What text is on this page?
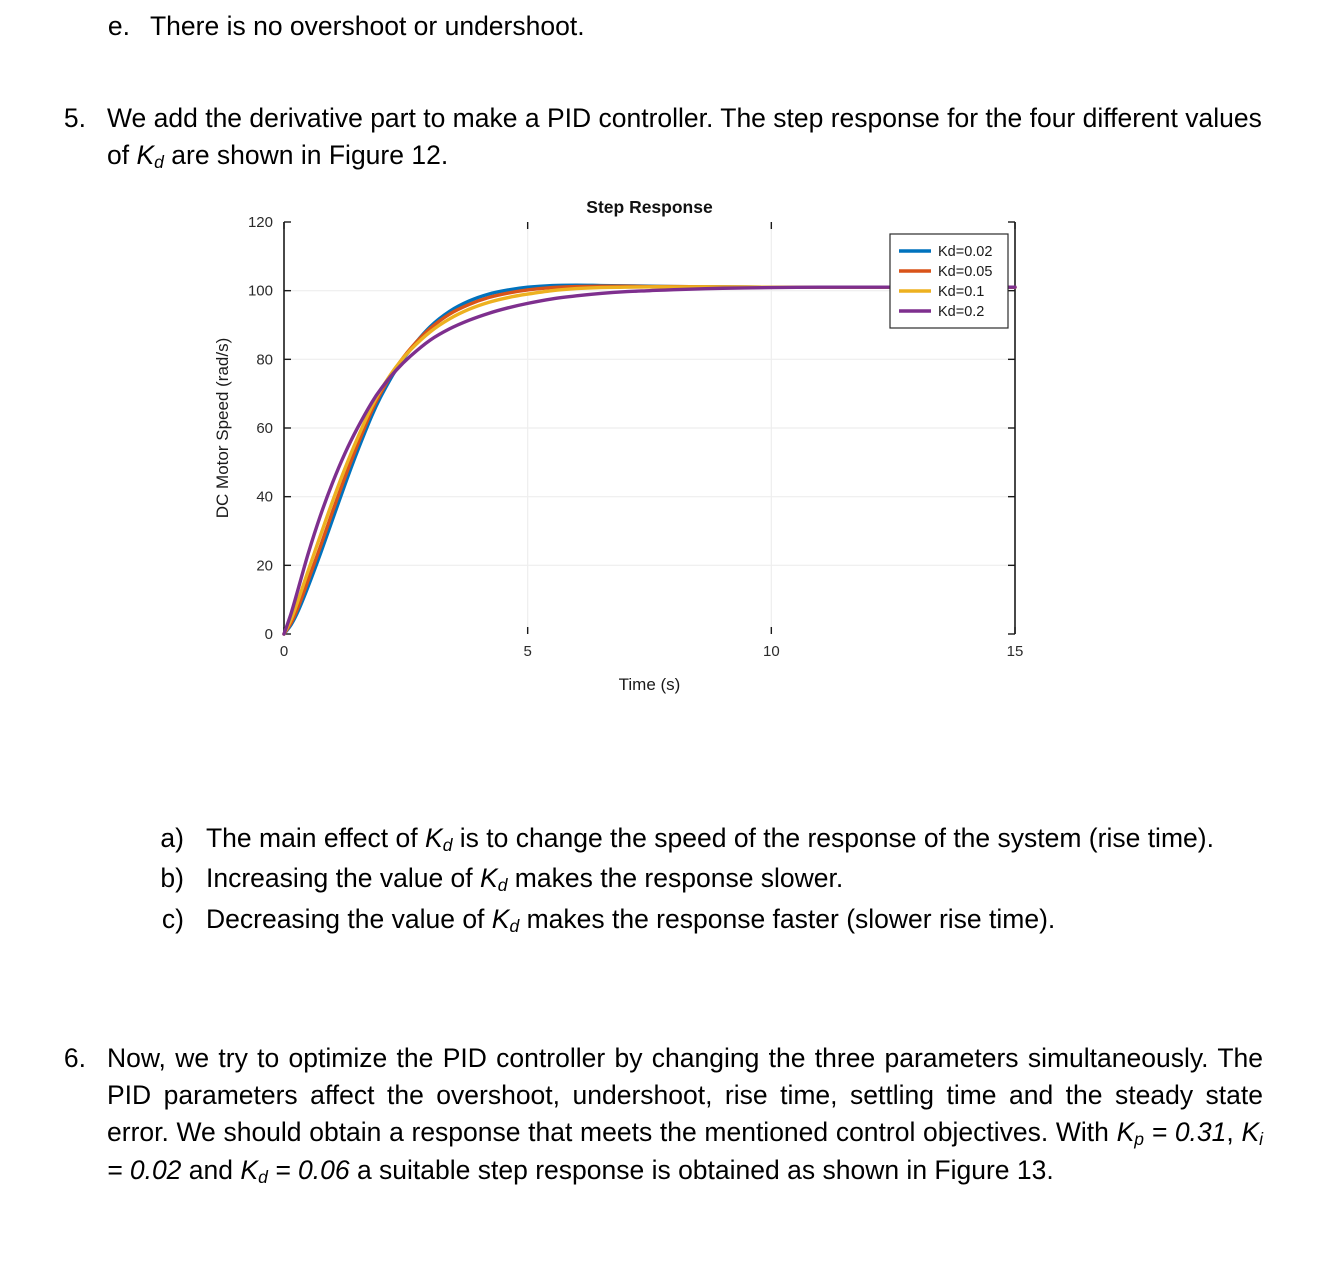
e. There is no overshoot or undershoot.
5. We add the derivative part to make a PID controller. The step response for the four different values of $K_d$ are shown in Figure 12.
0
20
40
60
80
100
120
0	5	10	15
Step Response
Time (s)
DC Motor Speed (rad/s)
Kd=0.02
Kd=0.05
Kd=0.1
Kd=0.2
a) The main effect of $K_d$ is to change the speed of the response of the system (rise time).
b) Increasing the value of $K_d$ makes the response slower.
c) Decreasing the value of $K_d$ makes the response faster (slower rise time).
6. Now, we try to optimize the PID controller by changing the three parameters simultaneously. The PID parameters affect the overshoot, undershoot, rise time, settling time and the steady state error. We should obtain a response that meets the mentioned control objectives. With $K_p = 0.31$, $K_i = 0.02$ and $K_d = 0.06$ a suitable step response is obtained as shown in Figure 13.
